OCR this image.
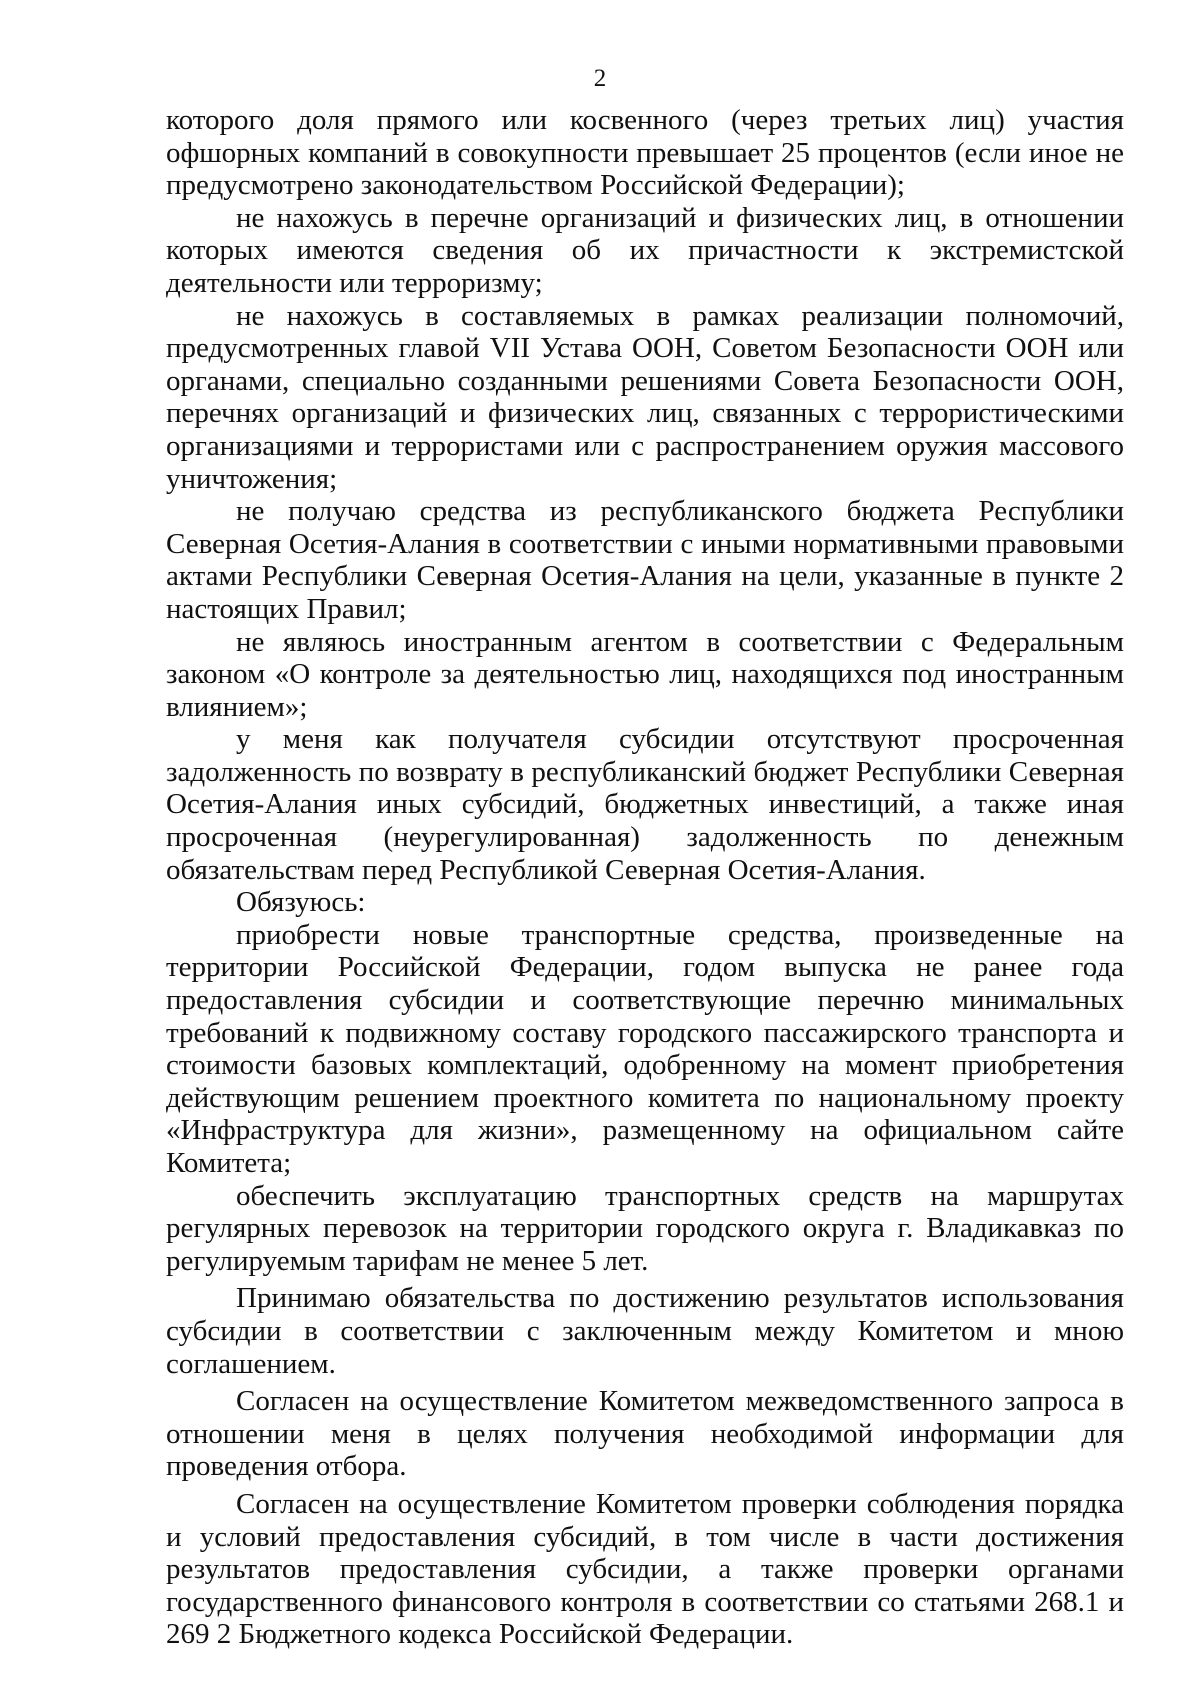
2

которого доля прямого или косвенного (через третьих лиц) участия офшорных компаний в совокупности превышает 25 процентов (если иное не предусмотрено законодательством Российской Федерации);

не нахожусь в перечне организаций и физических лиц, в отношении которых имеются сведения об их причастности к экстремистской деятельности или терроризму;

не нахожусь в составляемых в рамках реализации полномочий, предусмотренных главой VII Устава ООН, Советом Безопасности ООН или органами, специально созданными решениями Совета Безопасности ООН, перечнях организаций и физических лиц, связанных с террористическими организациями и террористами или с распространением оружия массового уничтожения;

не получаю средства из республиканского бюджета Республики Северная Осетия-Алания в соответствии с иными нормативными правовыми актами Республики Северная Осетия-Алания на цели, указанные в пункте 2 настоящих Правил;

не являюсь иностранным агентом в соответствии с Федеральным законом «О контроле за деятельностью лиц, находящихся под иностранным влиянием»;

у меня как получателя субсидии отсутствуют просроченная задолженность по возврату в республиканский бюджет Республики Северная Осетия-Алания иных субсидий, бюджетных инвестиций, а также иная просроченная (неурегулированная) задолженность по денежным обязательствам перед Республикой Северная Осетия-Алания.

Обязуюсь:

приобрести новые транспортные средства, произведенные на территории Российской Федерации, годом выпуска не ранее года предоставления субсидии и соответствующие перечню минимальных требований к подвижному составу городского пассажирского транспорта и стоимости базовых комплектаций, одобренному на момент приобретения действующим решением проектного комитета по национальному проекту «Инфраструктура для жизни», размещенному на официальном сайте Комитета;

обеспечить эксплуатацию транспортных средств на маршрутах регулярных перевозок на территории городского округа г. Владикавказ по регулируемым тарифам не менее 5 лет.

Принимаю обязательства по достижению результатов использования субсидии в соответствии с заключенным между Комитетом и мною соглашением.

Согласен на осуществление Комитетом межведомственного запроса в отношении меня в целях получения необходимой информации для проведения отбора.

Согласен на осуществление Комитетом проверки соблюдения порядка и условий предоставления субсидий, в том числе в части достижения результатов предоставления субсидии, а также проверки органами государственного финансового контроля в соответствии со статьями 268.1 и 269 2 Бюджетного кодекса Российской Федерации.
